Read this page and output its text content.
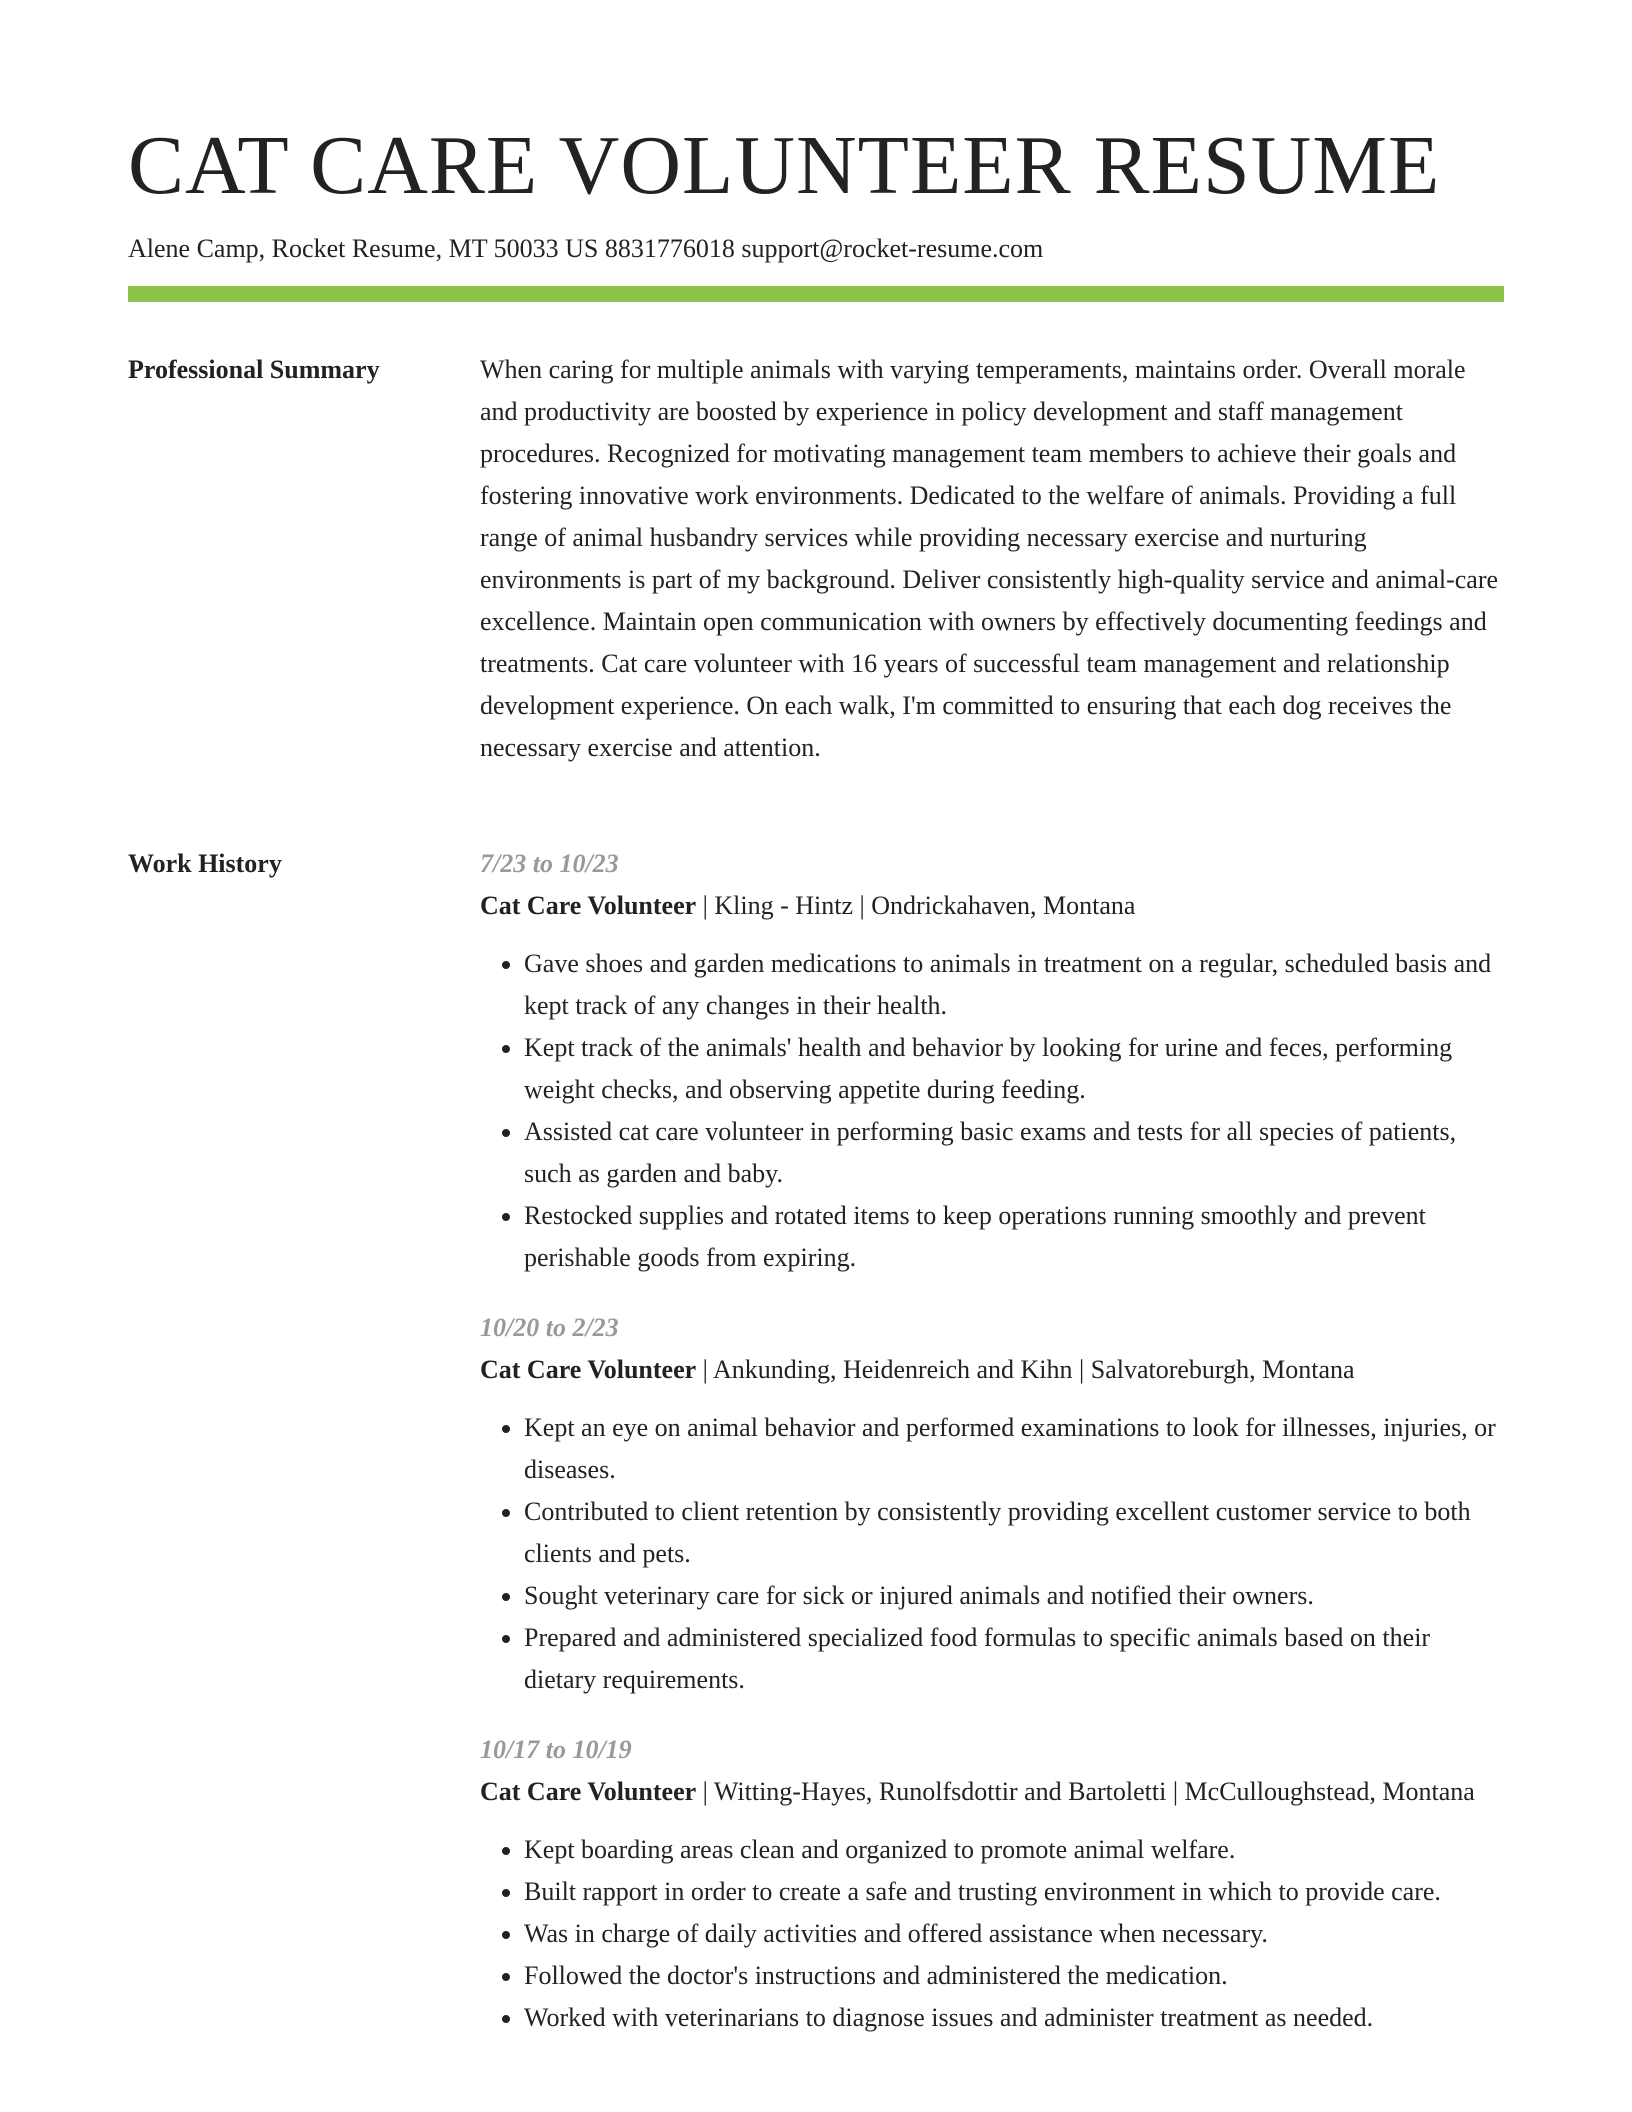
CAT CARE VOLUNTEER RESUME
Alene Camp, Rocket Resume, MT 50033 US 8831776018 support@rocket-resume.com
Professional Summary	When caring for multiple animals with varying temperaments, maintains order. Overall morale and productivity are boosted by experience in policy development and staff management procedures. Recognized for motivating management team members to achieve their goals and fostering innovative work environments. Dedicated to the welfare of animals. Providing a full range of animal husbandry services while providing necessary exercise and nurturing environments is part of my background. Deliver consistently high-quality service and animal-care excellence. Maintain open communication with owners by effectively documenting feedings and treatments. Cat care volunteer with 16 years of successful team management and relationship development experience. On each walk, I'm committed to ensuring that each dog receives the necessary exercise and attention.

Work History	7/23 to 10/23
Cat Care Volunteer | Kling - Hintz | Ondrickahaven, Montana
• Gave shoes and garden medications to animals in treatment on a regular, scheduled basis and kept track of any changes in their health.
• Kept track of the animals' health and behavior by looking for urine and feces, performing weight checks, and observing appetite during feeding.
• Assisted cat care volunteer in performing basic exams and tests for all species of patients, such as garden and baby.
• Restocked supplies and rotated items to keep operations running smoothly and prevent perishable goods from expiring.
10/20 to 2/23
Cat Care Volunteer | Ankunding, Heidenreich and Kihn | Salvatoreburgh, Montana
• Kept an eye on animal behavior and performed examinations to look for illnesses, injuries, or diseases.
• Contributed to client retention by consistently providing excellent customer service to both clients and pets.
• Sought veterinary care for sick or injured animals and notified their owners.
• Prepared and administered specialized food formulas to specific animals based on their dietary requirements.
10/17 to 10/19
Cat Care Volunteer | Witting-Hayes, Runolfsdottir and Bartoletti | McCulloughstead, Montana
• Kept boarding areas clean and organized to promote animal welfare.
• Built rapport in order to create a safe and trusting environment in which to provide care.
• Was in charge of daily activities and offered assistance when necessary.
• Followed the doctor's instructions and administered the medication.
• Worked with veterinarians to diagnose issues and administer treatment as needed.
